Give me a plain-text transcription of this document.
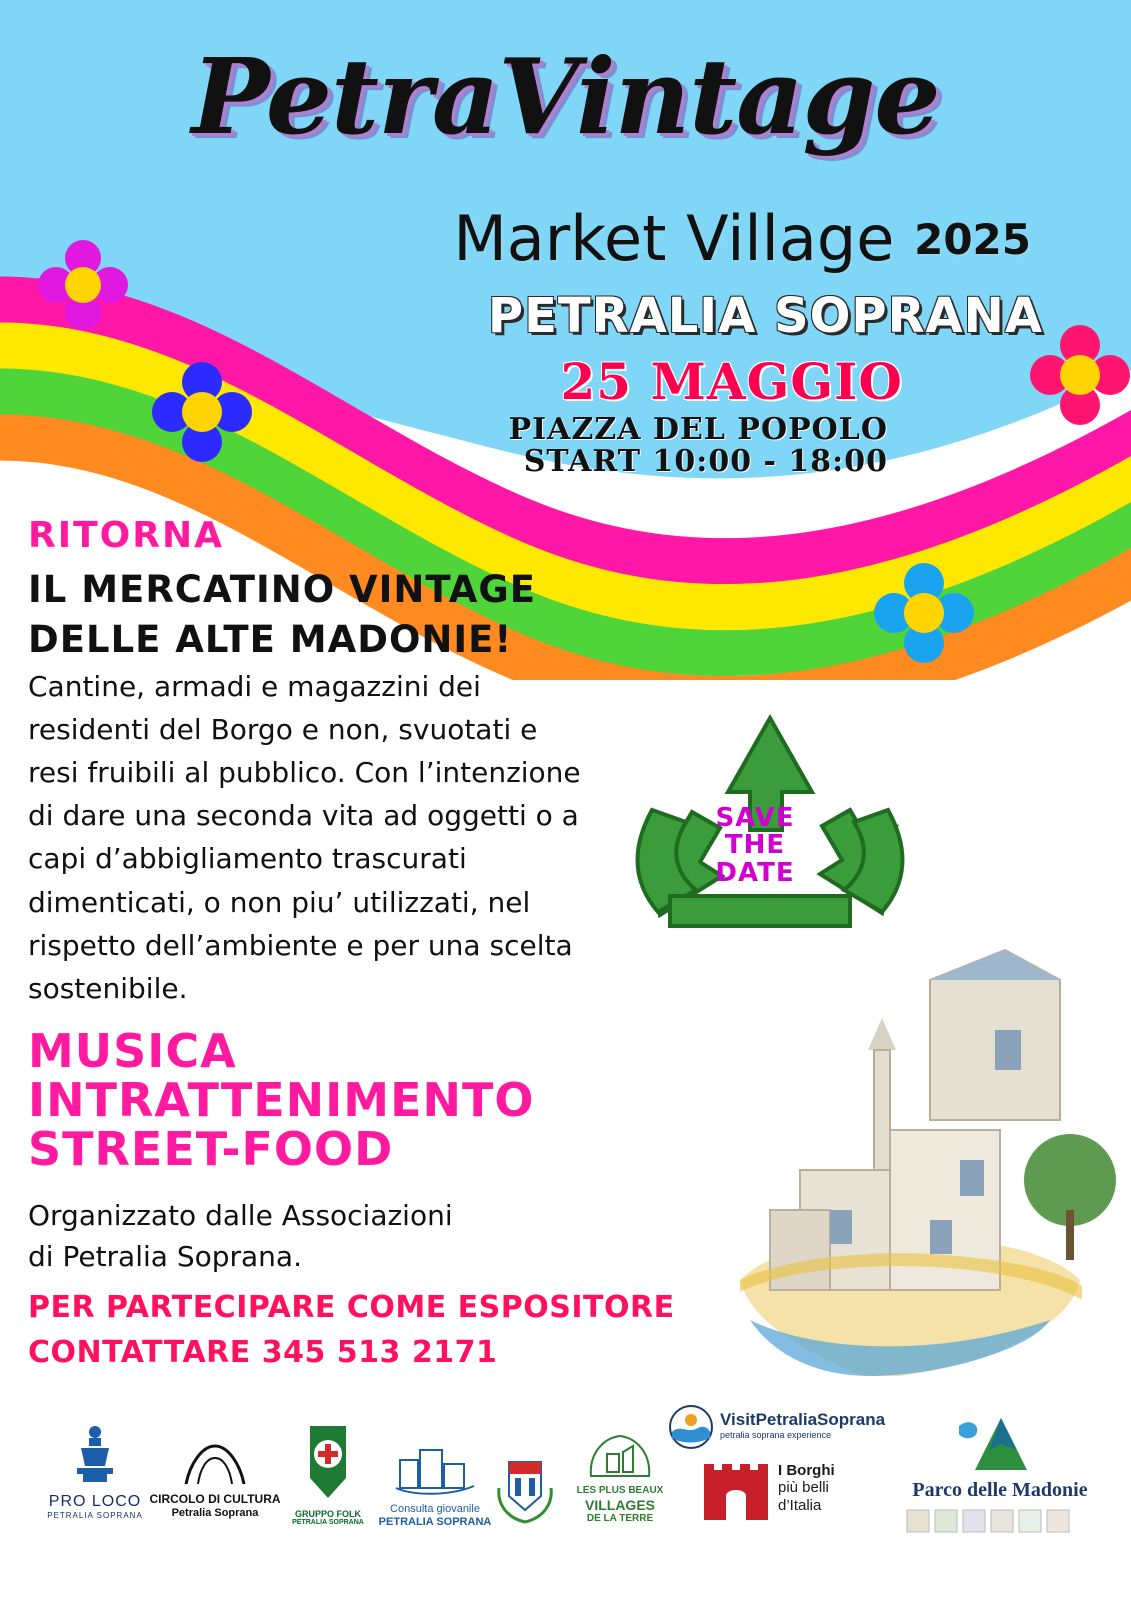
PetraVintage
Market Village 2025
PETRALIA SOPRANA
25 MAGGIO
PIAZZA DEL POPOLO
START 10:00 - 18:00
RITORNA
IL MERCATINO VINTAGE
DELLE ALTE MADONIE!
Cantine, armadi e magazzini dei residenti del Borgo e non, svuotati e resi fruibili al pubblico. Con l’intenzione di dare una seconda vita ad oggetti o a capi d’abbigliamento trascurati dimenticati, o non piu’ utilizzati, nel rispetto dell’ambiente e per una scelta sostenibile.
MUSICA
INTRATTENIMENTO
STREET-FOOD
Organizzato dalle Associazioni
di Petralia Soprana.
PER PARTECIPARE COME ESPOSITORE
CONTATTARE 345 513 2171
SAVE
THE
DATE
PRO LOCO
PETRALIA SOPRANA
CIRCOLO DI CULTURA
Petralia Soprana	GRUPPO FOLK
PETRALIA SOPRANA
Consulta giovanile
PETRALIA SOPRANA
LES PLUS BEAUX
VILLAGES
DE LA TERRE
VisitPetraliaSoprana
petralia soprana experience
I Borghi
più belli
d’Italia
Parco delle Madonie
